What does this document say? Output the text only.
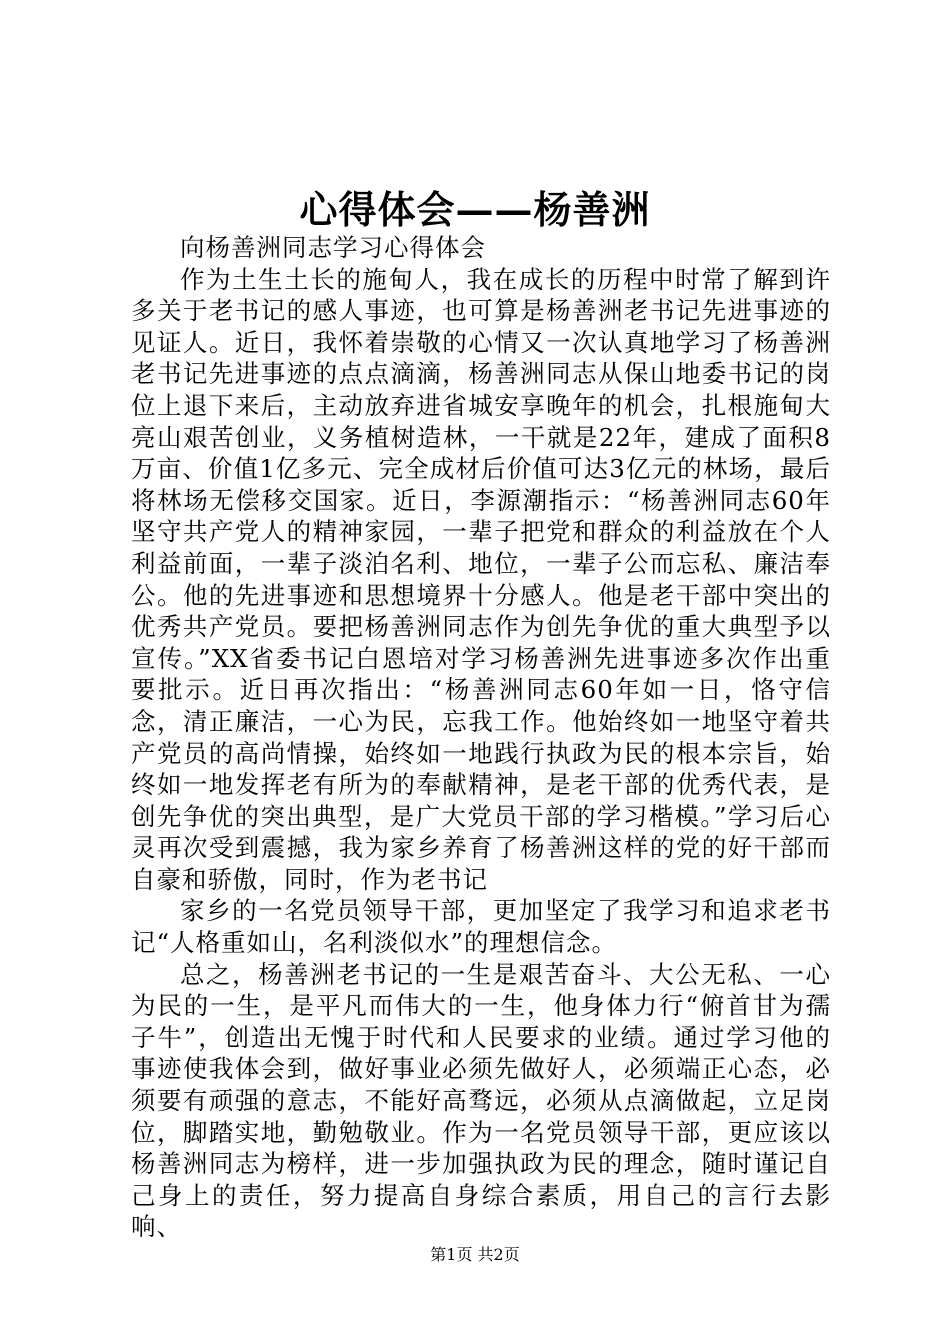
心得体会——杨善洲

向杨善洲同志学习心得体会

作为土生土长的施甸人，我在成长的历程中时常了解到许多关于老书记的感人事迹，也可算是杨善洲老书记先进事迹的见证人。近日，我怀着崇敬的心情又一次认真地学习了杨善洲老书记先进事迹的点点滴滴，杨善洲同志从保山地委书记的岗位上退下来后，主动放弃进省城安享晚年的机会，扎根施甸大亮山艰苦创业，义务植树造林，一干就是22年，建成了面积8万亩、价值1亿多元、完全成材后价值可达3亿元的林场，最后将林场无偿移交国家。近日，李源潮指示：“杨善洲同志60年坚守共产党人的精神家园，一辈子把党和群众的利益放在个人利益前面，一辈子淡泊名利、地位，一辈子公而忘私、廉洁奉公。他的先进事迹和思想境界十分感人。他是老干部中突出的优秀共产党员。要把杨善洲同志作为创先争优的重大典型予以宣传。”XX省委书记白恩培对学习杨善洲先进事迹多次作出重要批示。近日再次指出：“杨善洲同志60年如一日，恪守信念，清正廉洁，一心为民，忘我工作。他始终如一地坚守着共产党员的高尚情操，始终如一地践行执政为民的根本宗旨，始终如一地发挥老有所为的奉献精神，是老干部的优秀代表，是创先争优的突出典型，是广大党员干部的学习楷模。”学习后心灵再次受到震撼，我为家乡养育了杨善洲这样的党的好干部而自豪和骄傲，同时，作为老书记

家乡的一名党员领导干部，更加坚定了我学习和追求老书记“人格重如山，名利淡似水”的理想信念。

总之，杨善洲老书记的一生是艰苦奋斗、大公无私、一心为民的一生，是平凡而伟大的一生，他身体力行“俯首甘为孺子牛”，创造出无愧于时代和人民要求的业绩。通过学习他的事迹使我体会到，做好事业必须先做好人，必须端正心态，必须要有顽强的意志，不能好高骛远，必须从点滴做起，立足岗位，脚踏实地，勤勉敬业。作为一名党员领导干部，更应该以杨善洲同志为榜样，进一步加强执政为民的理念，随时谨记自己身上的责任，努力提高自身综合素质，用自己的言行去影响、

第1页 共2页
